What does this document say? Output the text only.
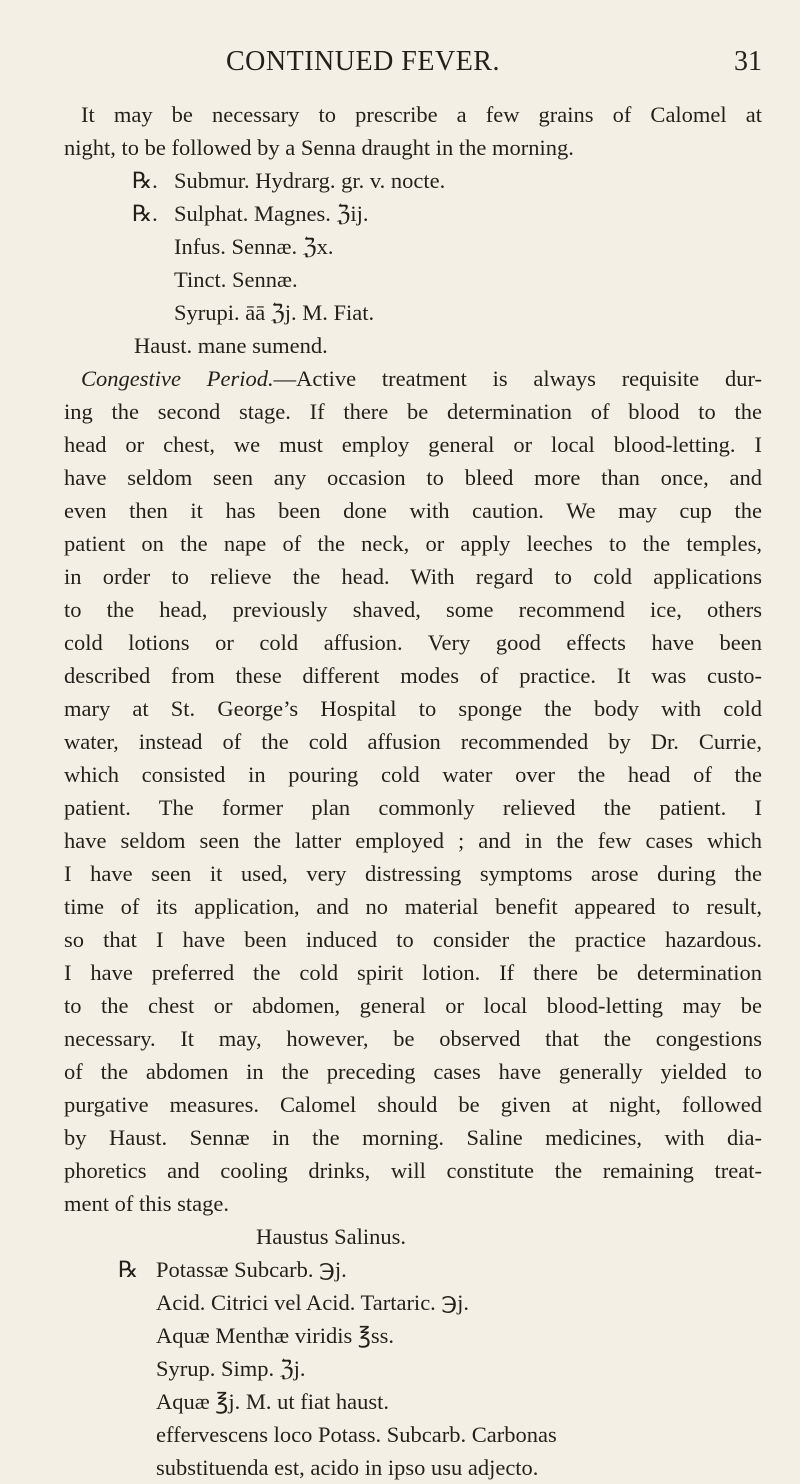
CONTINUED FEVER.	31
It may be necessary to prescribe a few grains of Calomel at
night, to be followed by a Senna draught in the morning.
℞. Submur. Hydrarg. gr. v. nocte.
℞. Sulphat. Magnes. ℨij.
Infus. Sennæ. ℨx.
Tinct. Sennæ.
Syrupi. āā ℨj. M. Fiat.
Haust. mane sumend.
Congestive Period.—Active treatment is always requisite dur-
ing the second stage. If there be determination of blood to the
head or chest, we must employ general or local blood-letting. I
have seldom seen any occasion to bleed more than once, and
even then it has been done with caution. We may cup the
patient on the nape of the neck, or apply leeches to the temples,
in order to relieve the head. With regard to cold applications
to the head, previously shaved, some recommend ice, others
cold lotions or cold affusion. Very good effects have been
described from these different modes of practice. It was custo-
mary at St. George’s Hospital to sponge the body with cold
water, instead of the cold affusion recommended by Dr. Currie,
which consisted in pouring cold water over the head of the
patient. The former plan commonly relieved the patient. I
have seldom seen the latter employed ; and in the few cases which
I have seen it used, very distressing symptoms arose during the
time of its application, and no material benefit appeared to result,
so that I have been induced to consider the practice hazardous.
I have preferred the cold spirit lotion. If there be determination
to the chest or abdomen, general or local blood-letting may be
necessary. It may, however, be observed that the congestions
of the abdomen in the preceding cases have generally yielded to
purgative measures. Calomel should be given at night, followed
by Haust. Sennæ in the morning. Saline medicines, with dia-
phoretics and cooling drinks, will constitute the remaining treat-
ment of this stage.
Haustus Salinus.
℞ Potassæ Subcarb. ℈j.
Acid. Citrici vel Acid. Tartaric. ℈j.
Aquæ Menthæ viridis ℥ss.
Syrup. Simp. ℨj.
Aquæ ℥j. M. ut fiat haust.
effervescens loco Potass. Subcarb. Carbonas
substituenda est, acido in ipso usu adjecto.
